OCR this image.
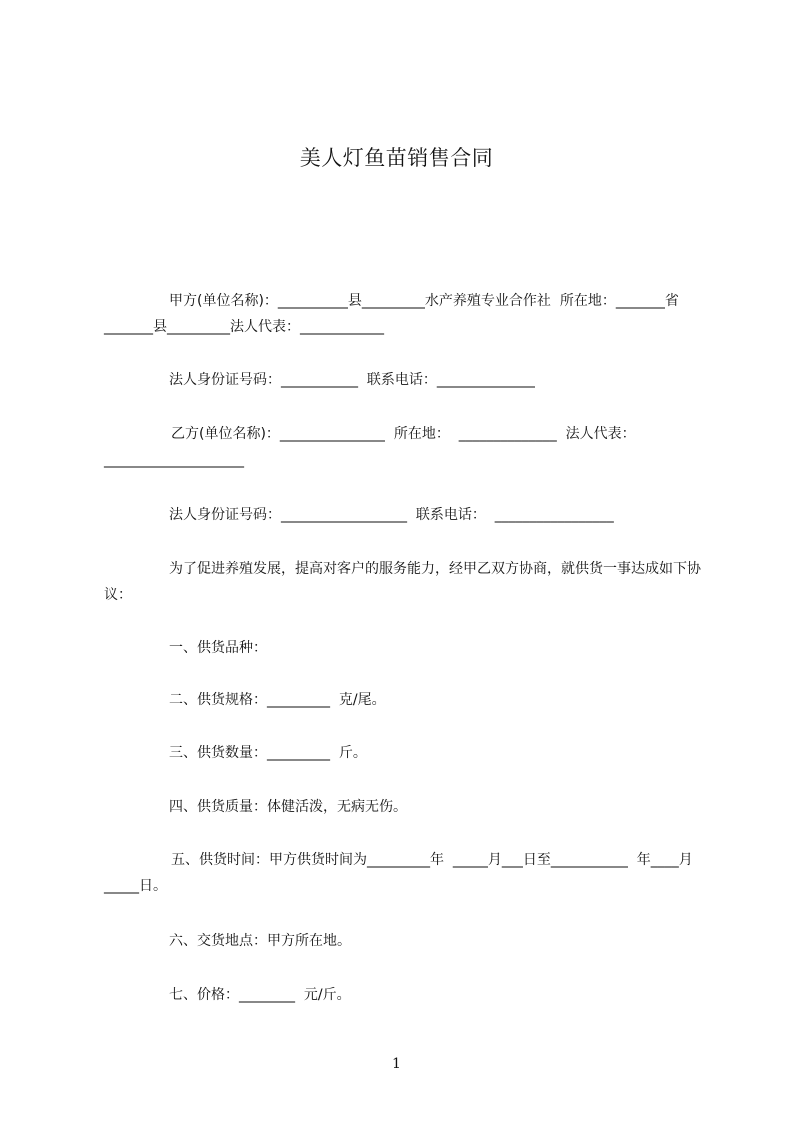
美人灯鱼苗销售合同
甲方(单位名称)：__________县_________水产养殖专业合作社  所在地：_______省_______县_________法人代表：____________
法人身份证号码：___________  联系电话：______________
乙方(单位名称)：_______________  所在地：  ______________  法人代表：____________________
法人身份证号码：__________________  联系电话：  _________________
为了促进养殖发展，提高对客户的服务能力，经甲乙双方协商，就供货一事达成如下协议：
一、供货品种：
二、供货规格：_________  克/尾。
三、供货数量：_________  斤。
四、供货质量：体健活泼，无病无伤。
五、供货时间：甲方供货时间为_________年  _____月___日至___________  年____月_____日。
六、交货地点：甲方所在地。
七、价格：________  元/斤。
1
